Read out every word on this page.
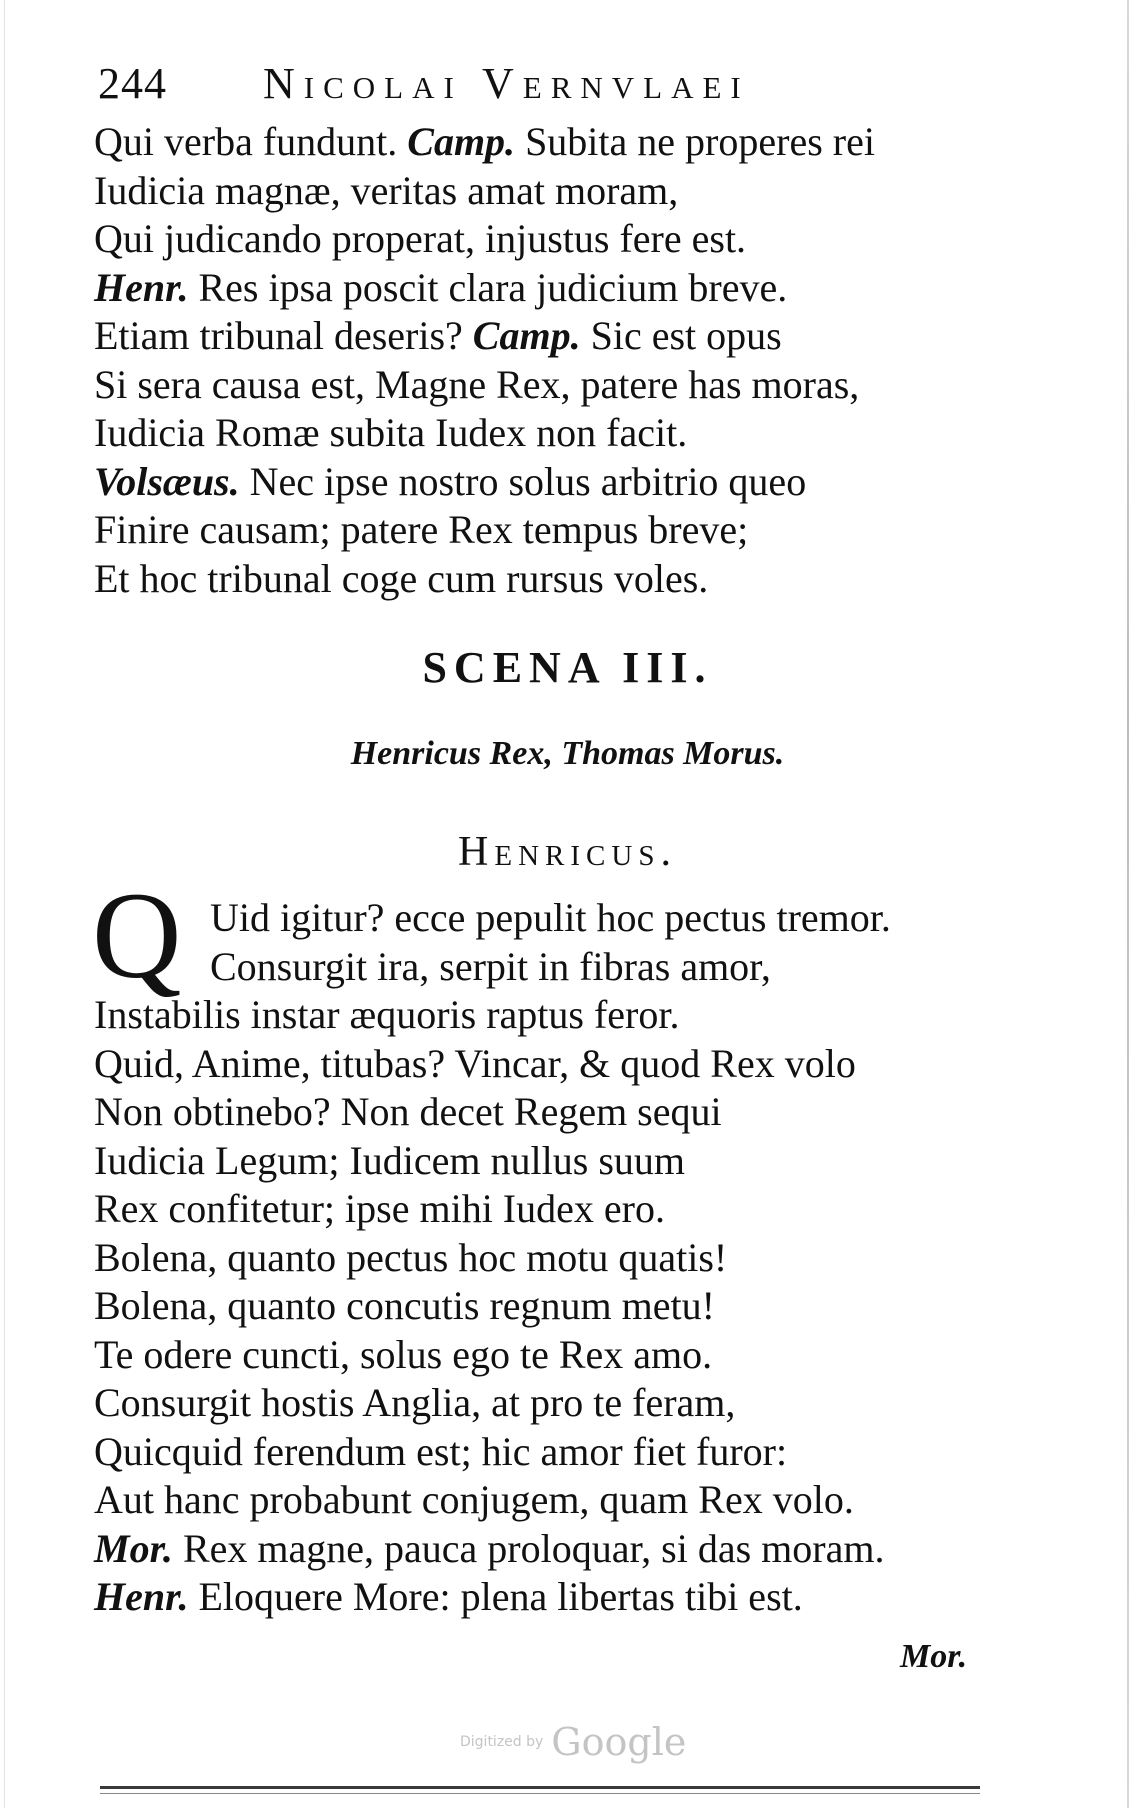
244 Nicolai Vernvlaei
Qui verba fundunt. Camp. Subita ne properes rei
Iudicia magnæ, veritas amat moram,
Qui judicando properat, injustus fere est.
Henr. Res ipsa poscit clara judicium breve.
Etiam tribunal deseris? Camp. Sic est opus
Si sera causa est, Magne Rex, patere has moras,
Iudicia Romæ subita Iudex non facit.
Volsæus. Nec ipse nostro solus arbitrio queo
Finire causam; patere Rex tempus breve;
Et hoc tribunal coge cum rursus voles.
SCENA III.
Henricus Rex, Thomas Morus.
Henricus.
Q Uid igitur? ecce pepulit hoc pectus tremor.
Consurgit ira, serpit in fibras amor,
Instabilis instar æquoris raptus feror.
Quid, Anime, titubas? Vincar, & quod Rex volo
Non obtinebo? Non decet Regem sequi
Iudicia Legum; Iudicem nullus suum
Rex confitetur; ipse mihi Iudex ero.
Bolena, quanto pectus hoc motu quatis!
Bolena, quanto concutis regnum metu!
Te odere cuncti, solus ego te Rex amo.
Consurgit hostis Anglia, at pro te feram,
Quicquid ferendum est; hic amor fiet furor:
Aut hanc probabunt conjugem, quam Rex volo.
Mor. Rex magne, pauca proloquar, si das moram.
Henr. Eloquere More: plena libertas tibi est.
Mor.
Digitized by Google
